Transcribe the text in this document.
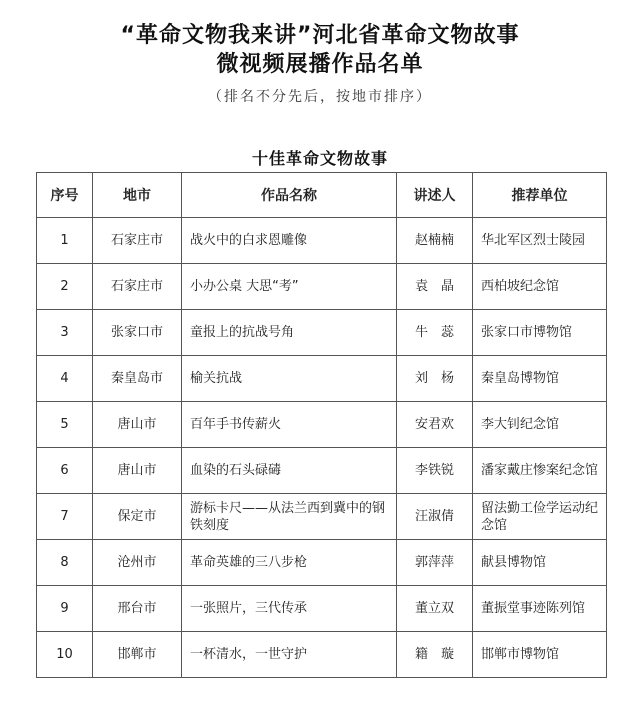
“革命文物我来讲”河北省革命文物故事
微视频展播作品名单
（排名不分先后，按地市排序）
十佳革命文物故事
序号	地市	作品名称	讲述人	推荐单位
1	石家庄市	战火中的白求恩雕像	赵楠楠	华北军区烈士陵园
2	石家庄市	小办公桌 大思“考”	袁　晶	西柏坡纪念馆
3	张家口市	童报上的抗战号角	牛　蕊	张家口市博物馆
4	秦皇岛市	榆关抗战	刘　杨	秦皇岛博物馆
5	唐山市	百年手书传薪火	安君欢	李大钊纪念馆
6	唐山市	血染的石头碌碡	李铁锐	潘家戴庄惨案纪念馆
7	保定市	游标卡尺——从法兰西到冀中的钢铁刻度	汪淑倩	留法勤工俭学运动纪念馆
8	沧州市	革命英雄的三八步枪	郭萍萍	献县博物馆
9	邢台市	一张照片，三代传承	董立双	董振堂事迹陈列馆
10	邯郸市	一杯清水，一世守护	籍　璇	邯郸市博物馆
